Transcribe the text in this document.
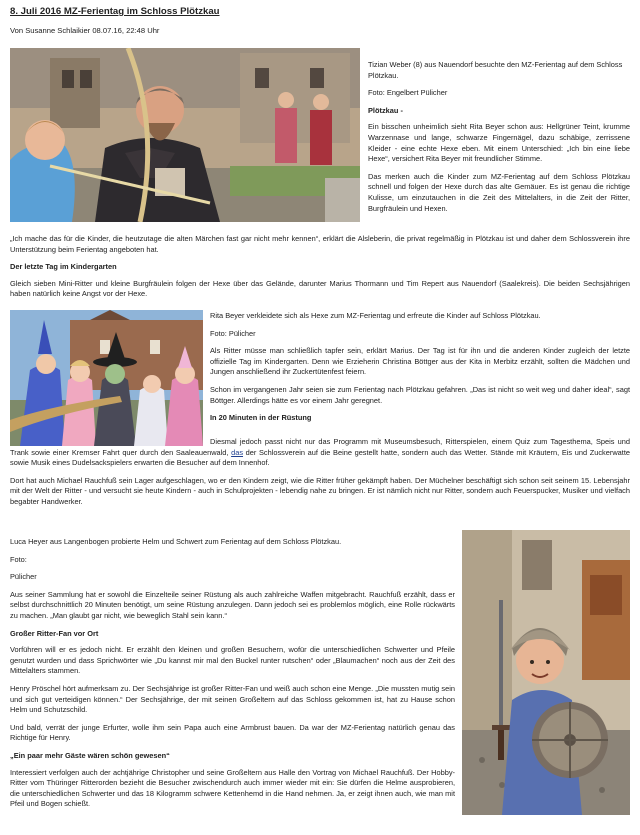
8. Juli 2016 MZ-Ferientag im Schloss Plötzkau

Von Susanne Schlaikier 08.07.16, 22:48 Uhr

Tizian Weber (8) aus Nauendorf besuchte den MZ-Ferientag auf dem Schloss Plötzkau.

Foto: Engelbert Pülicher

Plötzkau -

Ein bisschen unheimlich sieht Rita Beyer schon aus: Hellgrüner Teint, krumme Warzennase und lange, schwarze Fingernägel, dazu schäbige, zerrissene Kleider - eine echte Hexe eben. Mit einem Unterschied: „Ich bin eine liebe Hexe“, versichert Rita Beyer mit freundlicher Stimme.

Das merken auch die Kinder zum MZ-Ferientag auf dem Schloss Plötzkau schnell und folgen der Hexe durch das alte Gemäuer. Es ist genau die richtige Kulisse, um einzutauchen in die Zeit des Mittelalters, in die Zeit der Ritter, Burgfräulein und Hexen.

„Ich mache das für die Kinder, die heutzutage die alten Märchen fast gar nicht mehr kennen“, erklärt die Alsleberin, die privat regelmäßig in Plötzkau ist und daher dem Schlossverein ihre Unterstützung beim Ferientag angeboten hat.

Der letzte Tag im Kindergarten

Gleich sieben Mini-Ritter und kleine Burgfräulein folgen der Hexe über das Gelände, darunter Marius Thormann und Tim Repert aus Nauendorf (Saalekreis). Die beiden Sechsjährigen haben natürlich keine Angst vor der Hexe.

Rita Beyer verkleidete sich als Hexe zum MZ-Ferientag und erfreute die Kinder auf Schloss Plötzkau.

Foto: Pülicher

Als Ritter müsse man schließlich tapfer sein, erklärt Marius. Der Tag ist für ihn und die anderen Kinder zugleich der letzte offizielle Tag im Kindergarten. Denn wie Erzieherin Christina Böttger aus der Kita in Merbitz erzählt, sollten die Mädchen und Jungen anschließend ihr Zuckertütenfest feiern.

Schon im vergangenen Jahr seien sie zum Ferientag nach Plötzkau gefahren. „Das ist nicht so weit weg und daher ideal“, sagt Böttger. Allerdings hätte es vor einem Jahr geregnet.

In 20 Minuten in der Rüstung

Diesmal jedoch passt nicht nur das Programm mit Museumsbesuch, Ritterspielen, einem Quiz zum Tagesthema, Speis und Trank sowie einer Kremser Fahrt quer durch den Saaleauenwald, das der Schlossverein auf die Beine gestellt hatte, sondern auch das Wetter. Stände mit Kräutern, Eis und Zuckerwatte sowie Musik eines Dudelsackspielers erwarten die Besucher auf dem Innenhof.

Dort hat auch Michael Rauchfuß sein Lager aufgeschlagen, wo er den Kindern zeigt, wie die Ritter früher gekämpft haben. Der Müchelner beschäftigt sich schon seit seinem 15. Lebensjahr mit der Welt der Ritter - und versucht sie heute Kindern - auch in Schulprojekten - lebendig nahe zu bringen. Er ist nämlich nicht nur Ritter, sondern auch Feuerspucker, Musiker und vielfach begabter Handwerker.

Luca Heyer aus Langenbogen probierte Helm und Schwert zum Ferientag auf dem Schloss Plötzkau.

Foto:

Pülicher

Aus seiner Sammlung hat er sowohl die Einzelteile seiner Rüstung als auch zahlreiche Waffen mitgebracht. Rauchfuß erzählt, dass er selbst durchschnittlich 20 Minuten benötigt, um seine Rüstung anzulegen. Dann jedoch sei es problemlos möglich, eine Rolle rückwärts zu machen. „Man glaubt gar nicht, wie beweglich Stahl sein kann.“

Großer Ritter-Fan vor Ort

Vorführen will er es jedoch nicht. Er erzählt den kleinen und großen Besuchern, wofür die unterschiedlichen Schwerter und Pfeile genutzt wurden und dass Sprichwörter wie „Du kannst mir mal den Buckel runter rutschen“ oder „Blaumachen“ noch aus der Zeit des Mittelalters stammen.

Henry Pröschel hört aufmerksam zu. Der Sechsjährige ist großer Ritter-Fan und weiß auch schon eine Menge. „Die mussten mutig sein und sich gut verteidigen können.“ Der Sechsjährige, der mit seinen Großeltern auf das Schloss gekommen ist, hat zu Hause schon Helm und Schutzschild.

Und bald, verrät der junge Erfurter, wolle ihm sein Papa auch eine Armbrust bauen. Da war der MZ-Ferientag natürlich genau das Richtige für Henry.

„Ein paar mehr Gäste wären schön gewesen“

Interessiert verfolgen auch der achtjährige Christopher und seine Großeltern aus Halle den Vortrag von Michael Rauchfuß. Der Hobby-Ritter vom Thüringer Ritterorden bezieht die Besucher zwischendurch auch immer wieder mit ein: Sie dürfen die Helme ausprobieren, die unterschiedlichen Schwerter und das 18 Kilogramm schwere Kettenhemd in die Hand nehmen. Ja, er zeigt ihnen auch, wie man mit Pfeil und Bogen schießt.
